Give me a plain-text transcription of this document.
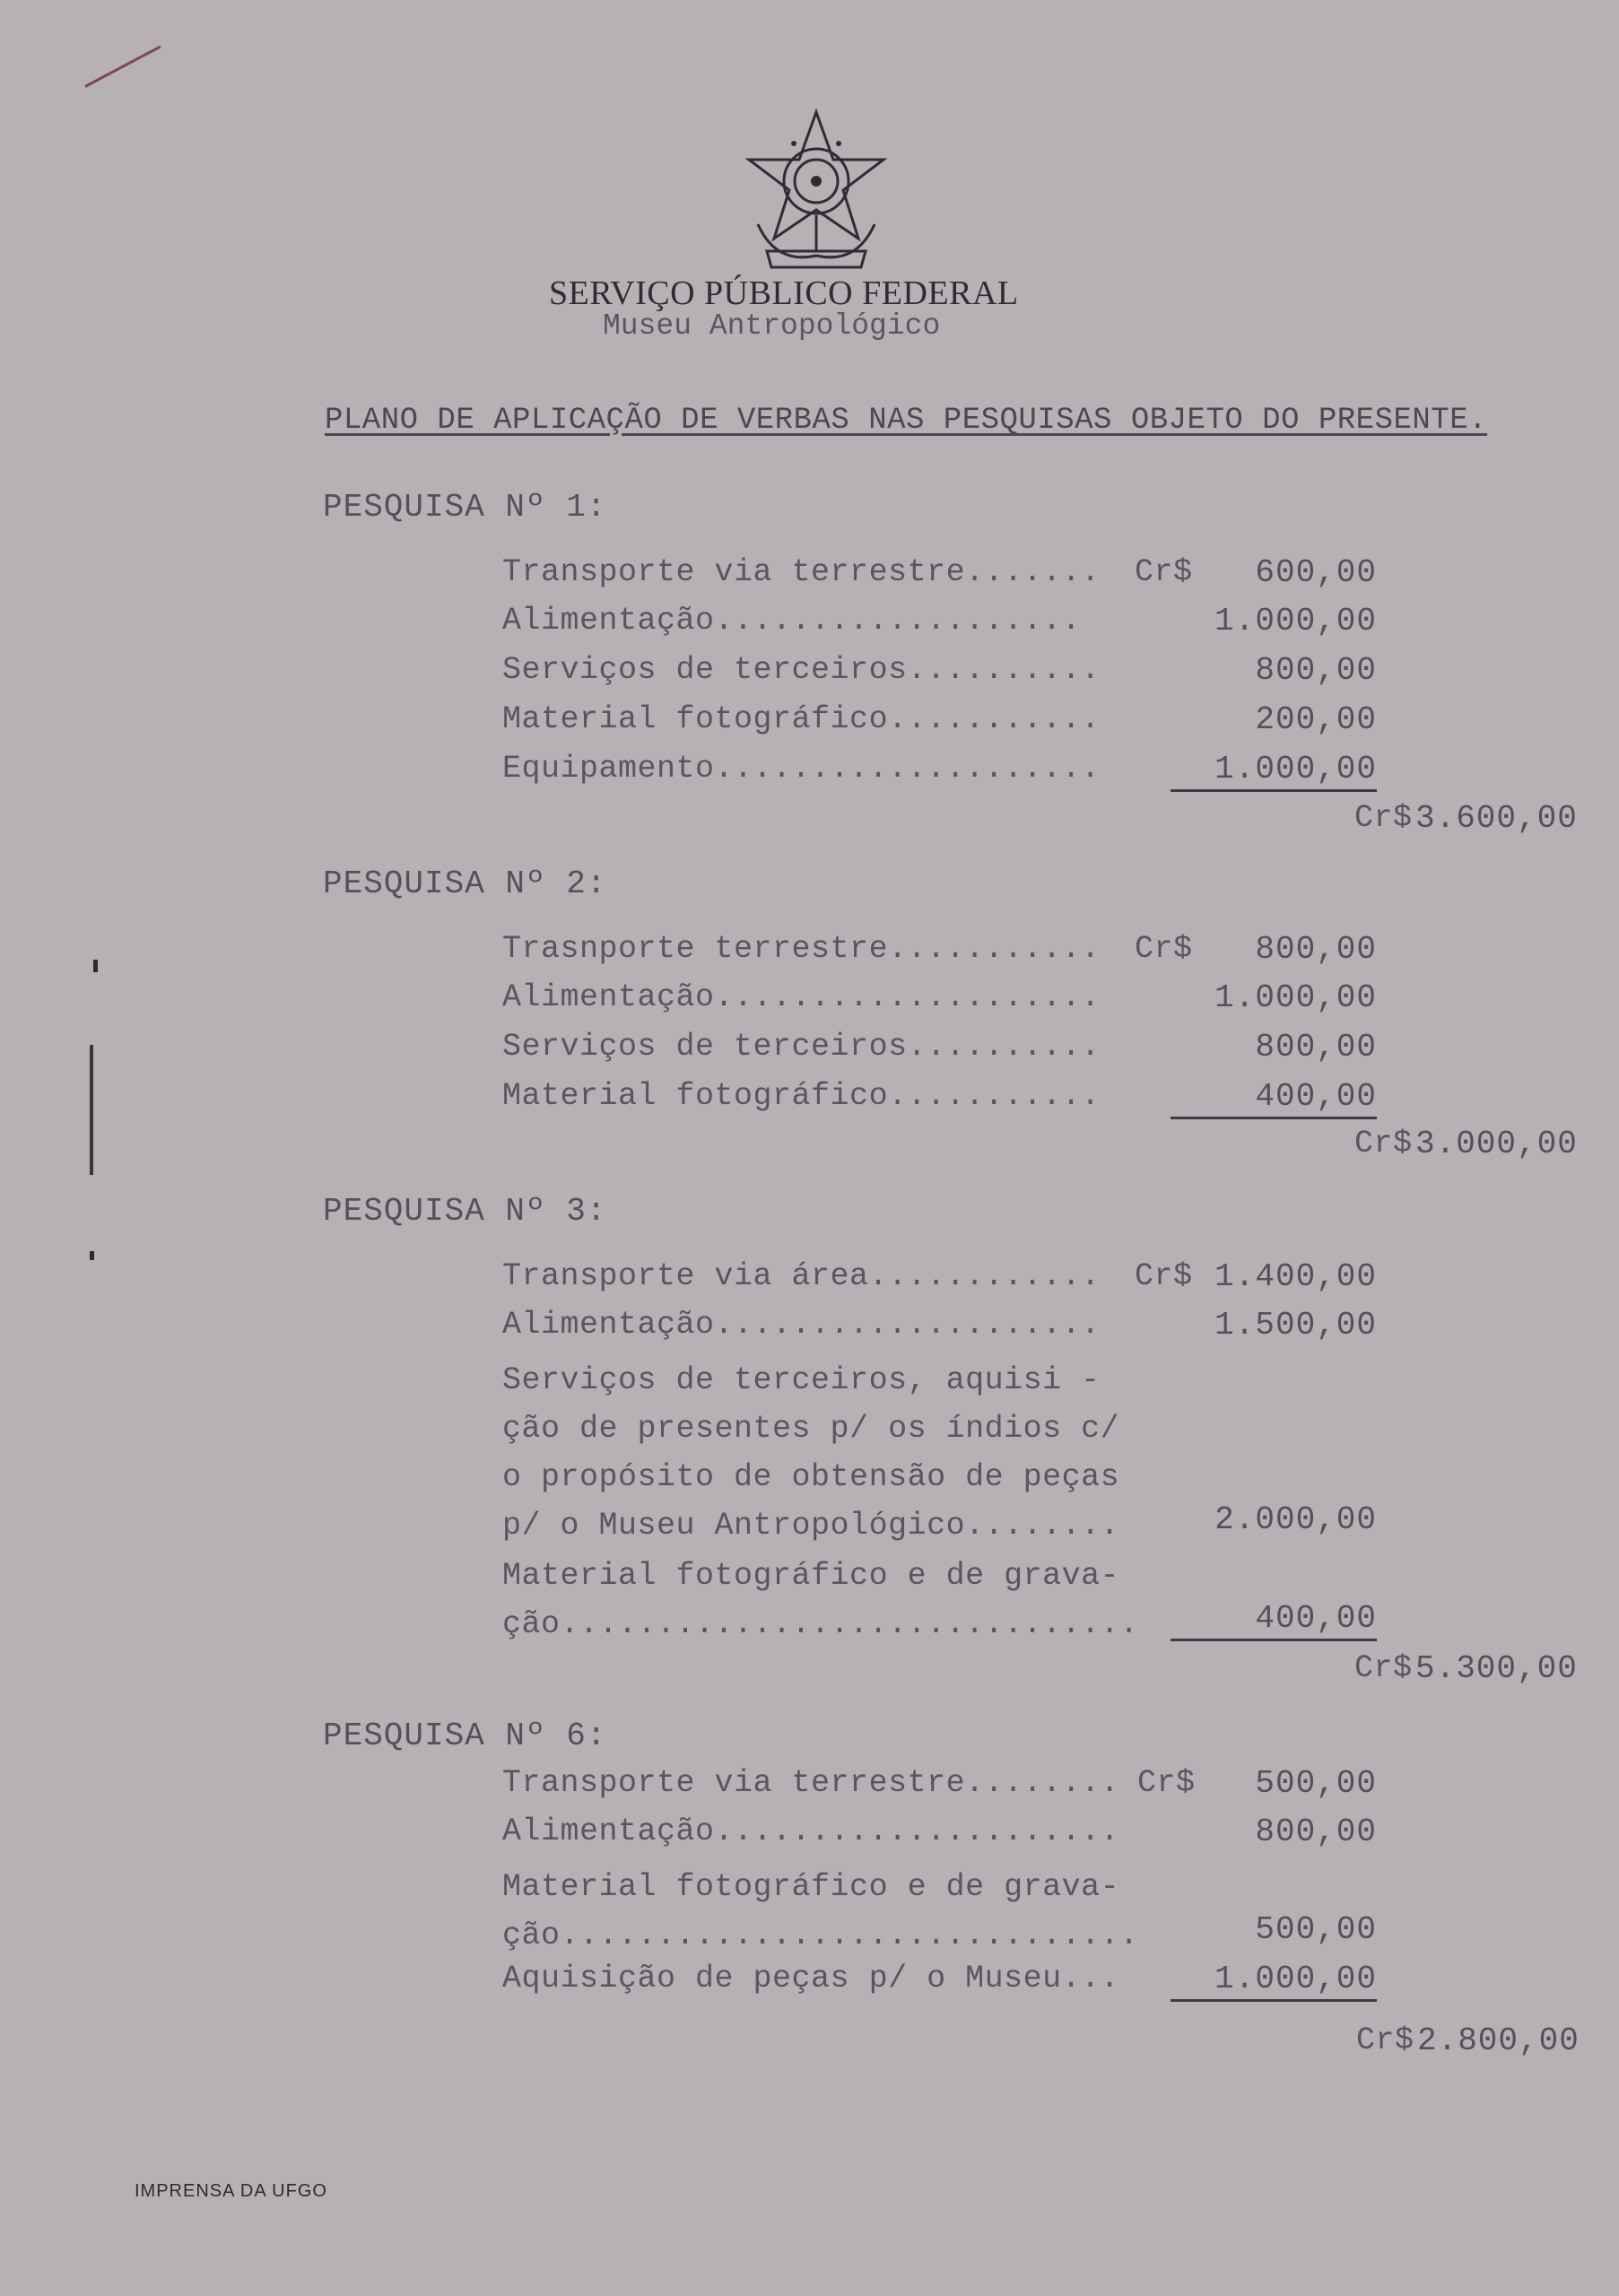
SERVIÇO PÚBLICO FEDERAL
Museu Antropológico
PLANO DE APLICAÇÃO DE VERBAS NAS PESQUISAS OBJETO DO PRESENTE.
PESQUISA Nº 1:
Transporte via terrestre....... Cr$	600,00
Alimentação...................	1.000,00
Serviços de terceiros..........	800,00
Material fotográfico...........	200,00
Equipamento....................	1.000,00
Cr$ 3.600,00
PESQUISA Nº 2:
Trasnporte terrestre........... Cr$	800,00
Alimentação....................	1.000,00
Serviços de terceiros..........	800,00
Material fotográfico...........	400,00
Cr$ 3.000,00
PESQUISA Nº 3:
Transporte via área............ Cr$ 1.400,00
Alimentação....................	1.500,00
Serviços de terceiros, aquisi -
ção de presentes p/ os índios c/
o propósito de obtensão de peças
p/ o Museu Antropológico........	2.000,00
Material fotográfico e de grava-
ção..............................	400,00
Cr$ 5.300,00
PESQUISA Nº 6:
Transporte via terrestre........ Cr$	500,00
Alimentação.....................	800,00
Material fotográfico e de grava-
ção..............................	500,00
Aquisição de peças p/ o Museu...	1.000,00
Cr$ 2.800,00
IMPRENSA DA UFGO
